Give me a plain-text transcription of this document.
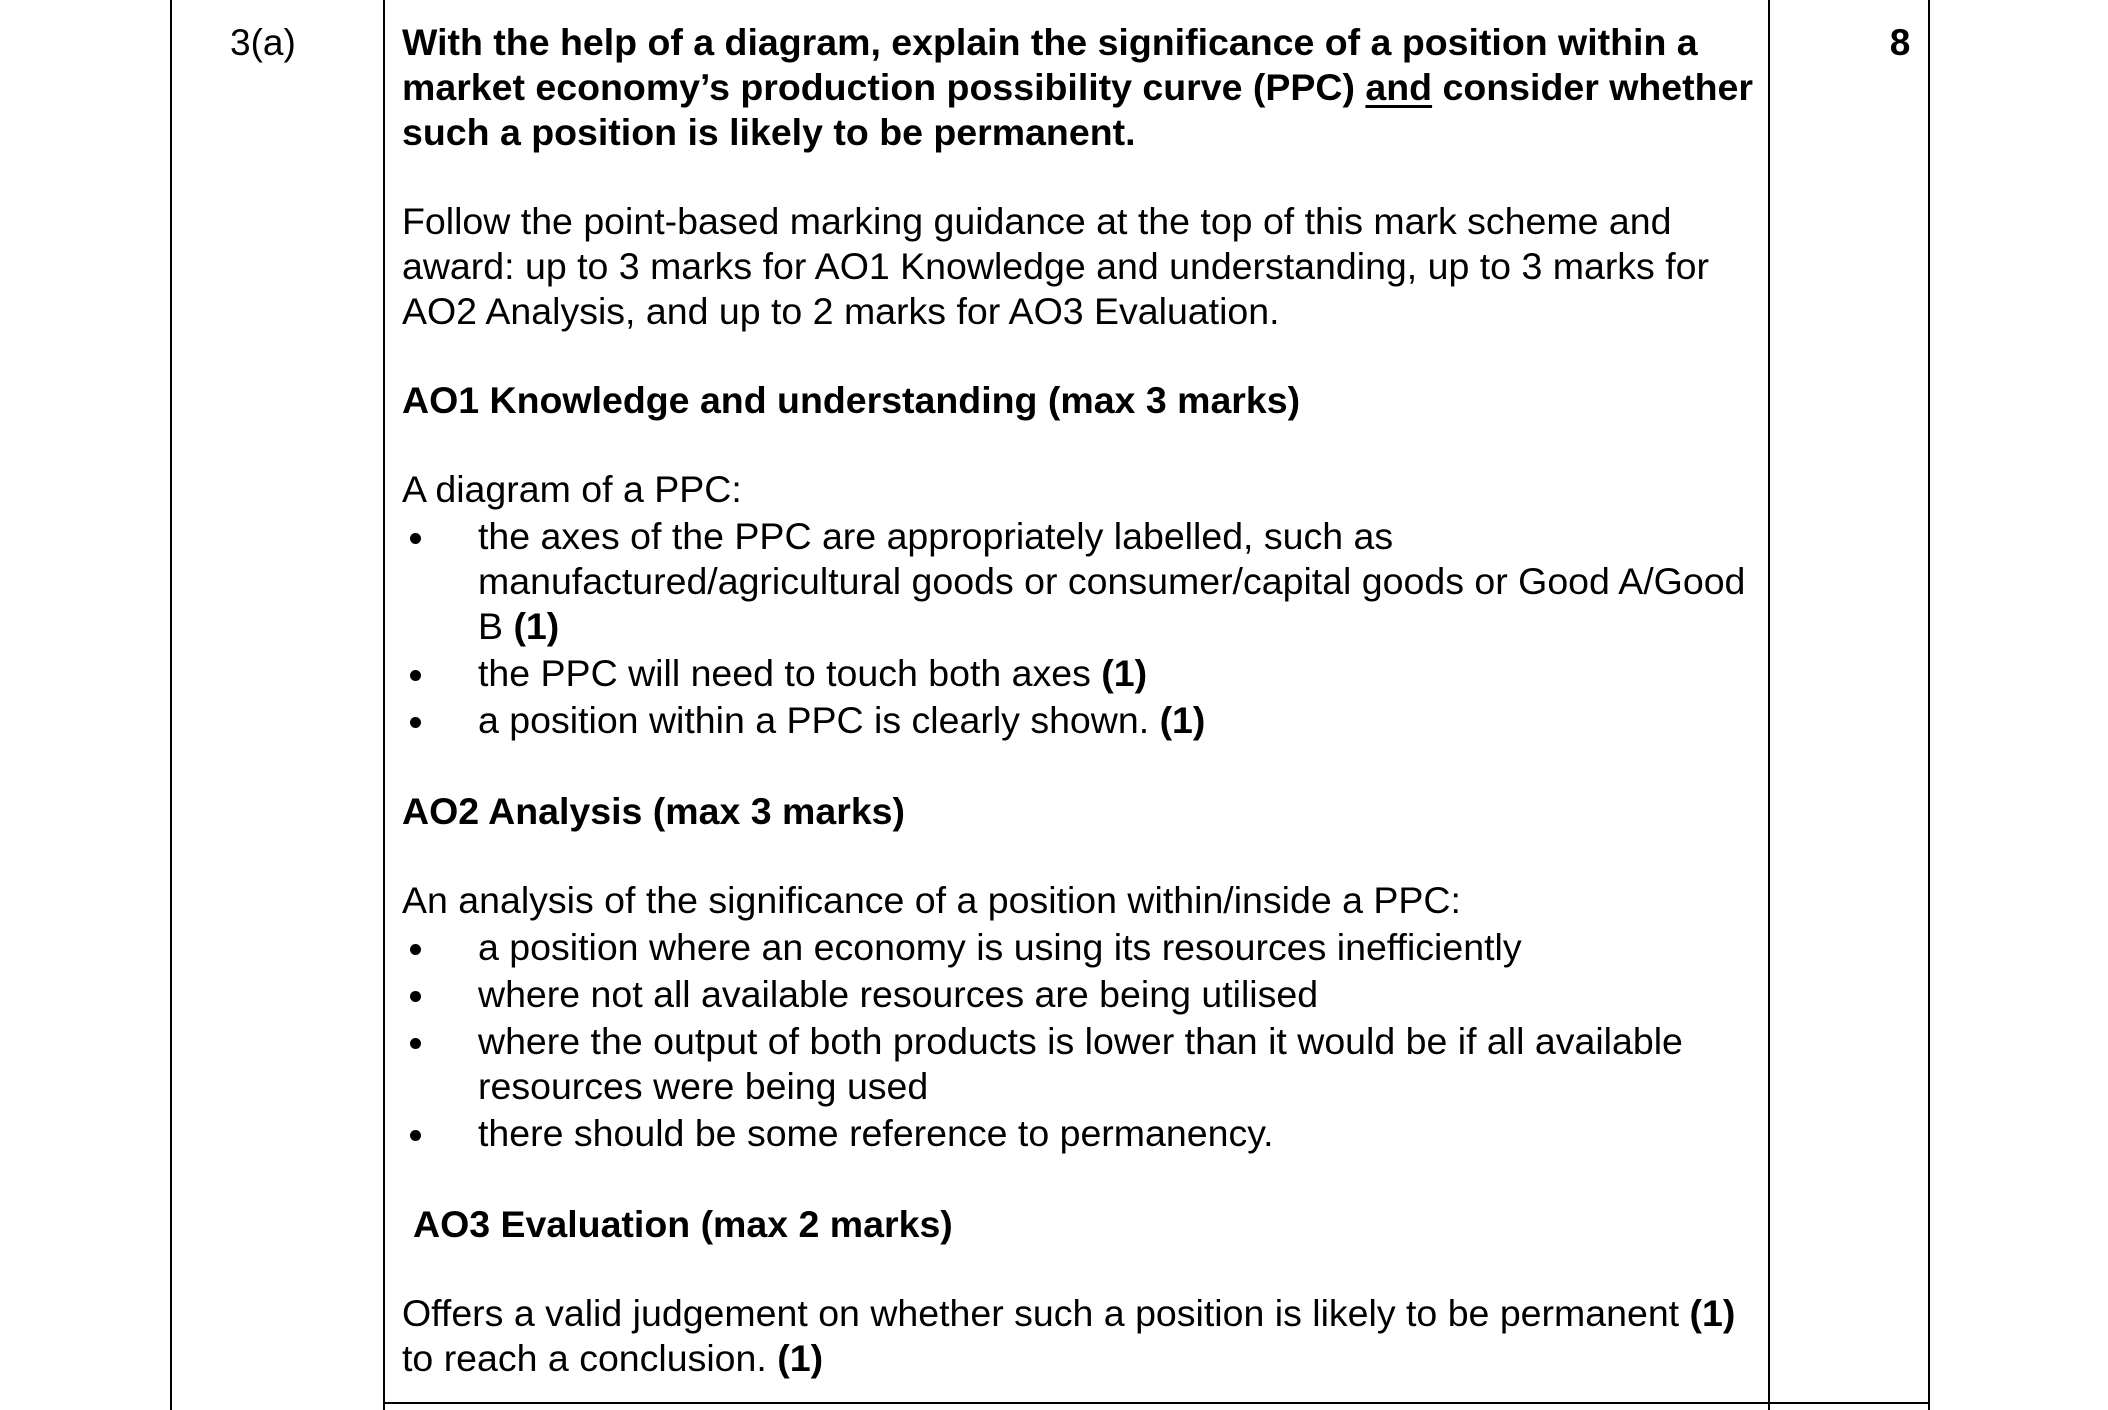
3(a)	8

With the help of a diagram, explain the significance of a position within a market economy’s production possibility curve (PPC) and consider whether such a position is likely to be permanent.

Follow the point-based marking guidance at the top of this mark scheme and award: up to 3 marks for AO1 Knowledge and understanding, up to 3 marks for AO2 Analysis, and up to 2 marks for AO3 Evaluation.

AO1 Knowledge and understanding (max 3 marks)

A diagram of a PPC:

the axes of the PPC are appropriately labelled, such as manufactured/agricultural goods or consumer/capital goods or Good A/Good B (1)
the PPC will need to touch both axes (1)
a position within a PPC is clearly shown. (1)

AO2 Analysis (max 3 marks)

An analysis of the significance of a position within/inside a PPC:

a position where an economy is using its resources inefficiently
where not all available resources are being utilised
where the output of both products is lower than it would be if all available resources were being used
there should be some reference to permanency.

AO3 Evaluation (max 2 marks)

Offers a valid judgement on whether such a position is likely to be permanent (1) to reach a conclusion. (1)
